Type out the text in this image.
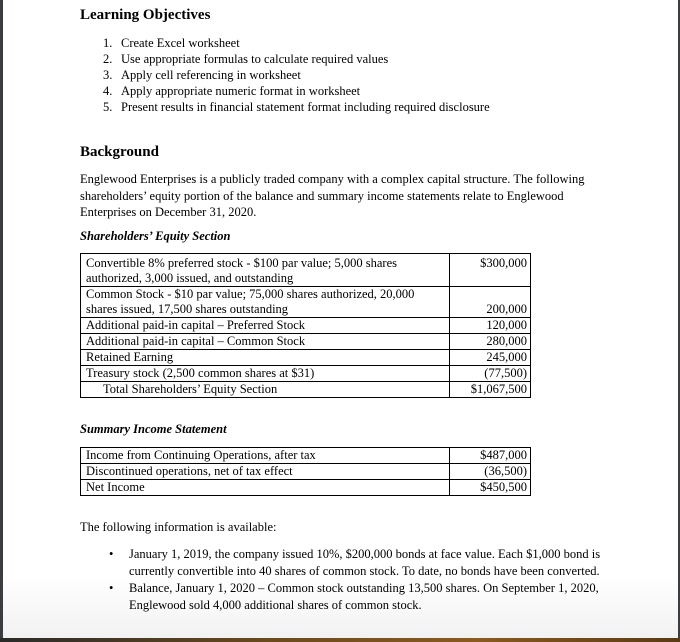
Learning Objectives
1. Create Excel worksheet
2. Use appropriate formulas to calculate required values
3. Apply cell referencing in worksheet
4. Apply appropriate numeric format in worksheet
5. Present results in financial statement format including required disclosure
Background
Englewood Enterprises is a publicly traded company with a complex capital structure. The following shareholders’ equity portion of the balance and summary income statements relate to Englewood Enterprises on December 31, 2020.
Shareholders’ Equity Section
Convertible 8% preferred stock - $100 par value; 5,000 shares authorized, 3,000 issued, and outstanding	$300,000
Common Stock - $10 par value; 75,000 shares authorized, 20,000 shares issued, 17,500 shares outstanding	200,000
Additional paid-in capital – Preferred Stock	120,000
Additional paid-in capital – Common Stock	280,000
Retained Earning	245,000
Treasury stock (2,500 common shares at $31)	(77,500)
Total Shareholders’ Equity Section	$1,067,500
Summary Income Statement
Income from Continuing Operations, after tax	$487,000
Discontinued operations, net of tax effect	(36,500)
Net Income	$450,500
The following information is available:
• January 1, 2019, the company issued 10%, $200,000 bonds at face value. Each $1,000 bond is currently convertible into 40 shares of common stock. To date, no bonds have been converted.
• Balance, January 1, 2020 – Common stock outstanding 13,500 shares. On September 1, 2020, Englewood sold 4,000 additional shares of common stock.
